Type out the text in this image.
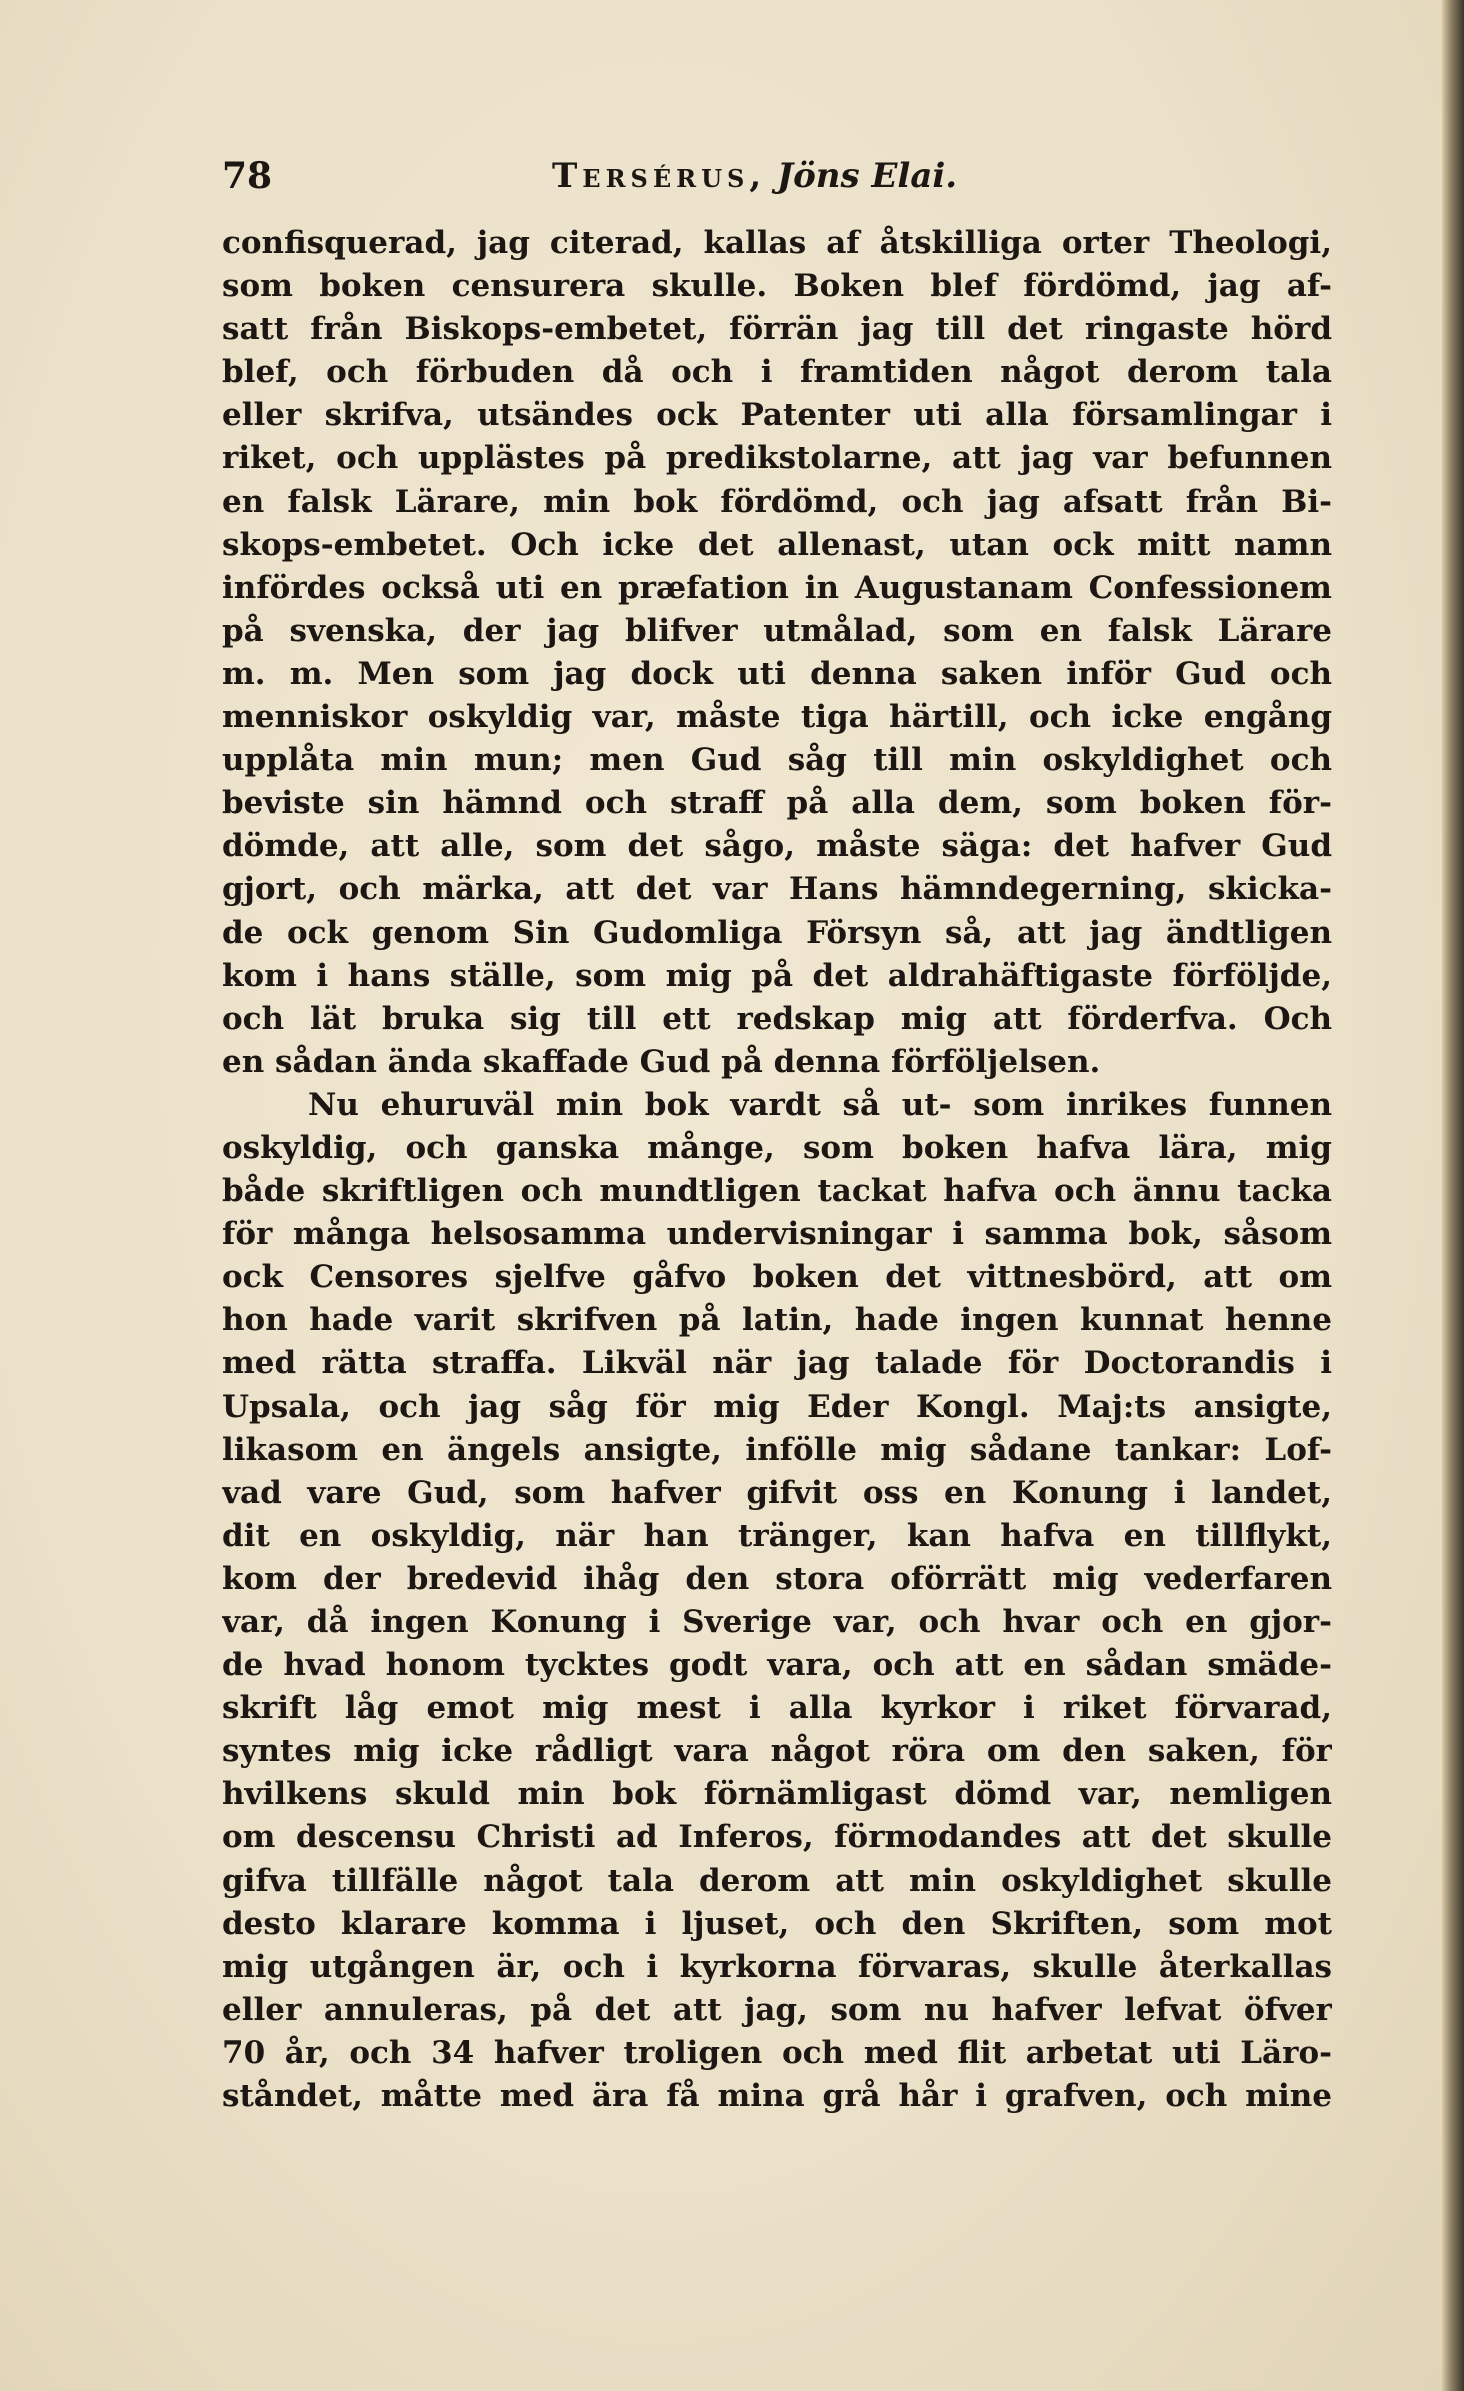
78	Tersérus, Jöns Elai.
confisquerad, jag citerad, kallas af åtskilliga orter Theologi,
som boken censurera skulle. Boken blef fördömd, jag af-
satt från Biskops-embetet, förrän jag till det ringaste hörd
blef, och förbuden då och i framtiden något derom tala
eller skrifva, utsändes ock Patenter uti alla församlingar i
riket, och upplästes på predikstolarne, att jag var befunnen
en falsk Lärare, min bok fördömd, och jag afsatt från Bi-
skops-embetet. Och icke det allenast, utan ock mitt namn
infördes också uti en præfation in Augustanam Confessionem
på svenska, der jag blifver utmålad, som en falsk Lärare
m. m. Men som jag dock uti denna saken inför Gud och
menniskor oskyldig var, måste tiga härtill, och icke engång
upplåta min mun; men Gud såg till min oskyldighet och
beviste sin hämnd och straff på alla dem, som boken för-
dömde, att alle, som det sågo, måste säga: det hafver Gud
gjort, och märka, att det var Hans hämndegerning, skicka-
de ock genom Sin Gudomliga Försyn så, att jag ändtligen
kom i hans ställe, som mig på det aldrahäftigaste förföljde,
och lät bruka sig till ett redskap mig att förderfva. Och
en sådan ända skaffade Gud på denna förföljelsen.
Nu ehuruväl min bok vardt så ut- som inrikes funnen
oskyldig, och ganska månge, som boken hafva lära, mig
både skriftligen och mundtligen tackat hafva och ännu tacka
för många helsosamma undervisningar i samma bok, såsom
ock Censores sjelfve gåfvo boken det vittnesbörd, att om
hon hade varit skrifven på latin, hade ingen kunnat henne
med rätta straffa. Likväl när jag talade för Doctorandis i
Upsala, och jag såg för mig Eder Kongl. Maj:ts ansigte,
likasom en ängels ansigte, infölle mig sådane tankar: Lof-
vad vare Gud, som hafver gifvit oss en Konung i landet,
dit en oskyldig, när han tränger, kan hafva en tillflykt,
kom der bredevid ihåg den stora oförrätt mig vederfaren
var, då ingen Konung i Sverige var, och hvar och en gjor-
de hvad honom tycktes godt vara, och att en sådan smäde-
skrift låg emot mig mest i alla kyrkor i riket förvarad,
syntes mig icke rådligt vara något röra om den saken, för
hvilkens skuld min bok förnämligast dömd var, nemligen
om descensu Christi ad Inferos, förmodandes att det skulle
gifva tillfälle något tala derom att min oskyldighet skulle
desto klarare komma i ljuset, och den Skriften, som mot
mig utgången är, och i kyrkorna förvaras, skulle återkallas
eller annuleras, på det att jag, som nu hafver lefvat öfver
70 år, och 34 hafver troligen och med flit arbetat uti Läro-
ståndet, måtte med ära få mina grå hår i grafven, och mine
